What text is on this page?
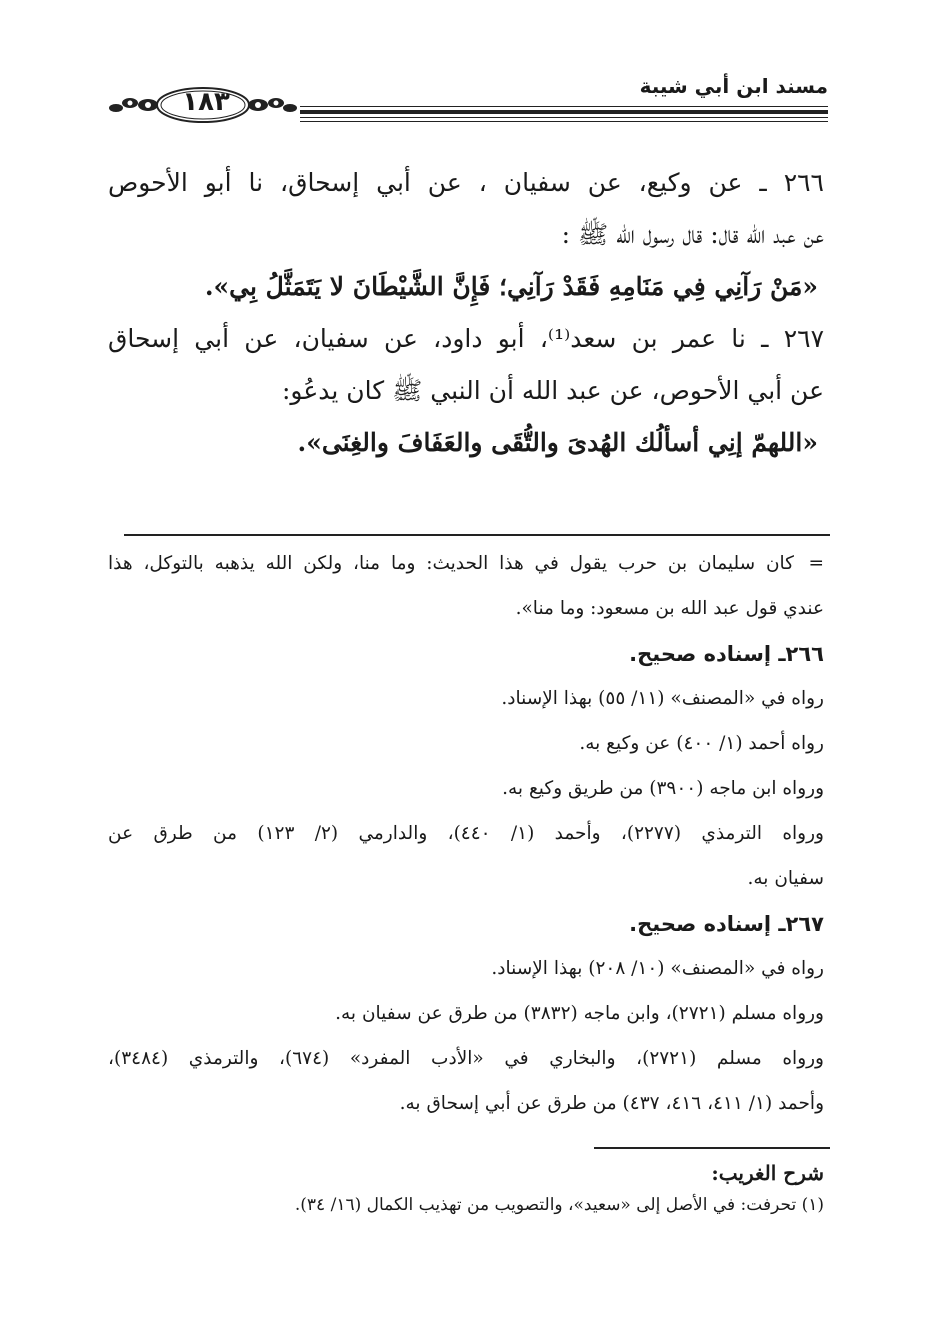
مسند ابن أبي شيبة
١٨٣
٢٦٦ ـ عن وكيع، عن سفيان ، عن أبي إسحاق، نا أبو الأحوص
عن عبد الله قال: قال رسول الله ﷺ :
«مَنْ رَآنِي فِي مَنَامِهِ فَقَدْ رَآنِي؛ فَإِنَّ الشَّيْطَانَ لا يَتَمَثَّلُ بِي».
٢٦٧ ـ نا عمر بن سعد⁽¹⁾، أبو داود، عن سفيان، عن أبي إسحاق
عن أبي الأحوص، عن عبد الله أن النبي ﷺ كان يدعُو:
«اللهمّ إنِي أسألُك الهُدىَ والتُّقَى والعَفَافَ والغِنَى».
=كان سليمان بن حرب يقول في هذا الحديث: وما منا، ولكن الله يذهبه بالتوكل، هذا
عندي قول عبد الله بن مسعود: وما منا».
٢٦٦ـ إسناده صحيح.
رواه في «المصنف» (١١/ ٥٥) بهذا الإسناد.
رواه أحمد (١/ ٤٠٠) عن وكيع به.
ورواه ابن ماجه (٣٩٠٠) من طريق وكيع به.
ورواه الترمذي (٢٢٧٧)، وأحمد (١/ ٤٤٠)، والدارمي (٢/ ١٢٣) من طرق عن
سفيان به.
٢٦٧ـ إسناده صحيح.
رواه في «المصنف» (١٠/ ٢٠٨) بهذا الإسناد.
ورواه مسلم (٢٧٢١)، وابن ماجه (٣٨٣٢) من طرق عن سفيان به.
ورواه مسلم (٢٧٢١)، والبخاري في «الأدب المفرد» (٦٧٤)، والترمذي (٣٤٨٤)،
وأحمد (١/ ٤١١، ٤١٦، ٤٣٧) من طرق عن أبي إسحاق به.
شرح الغريب:
(١) تحرفت: في الأصل إلى «سعيد»، والتصويب من تهذيب الكمال (١٦/ ٣٤).
